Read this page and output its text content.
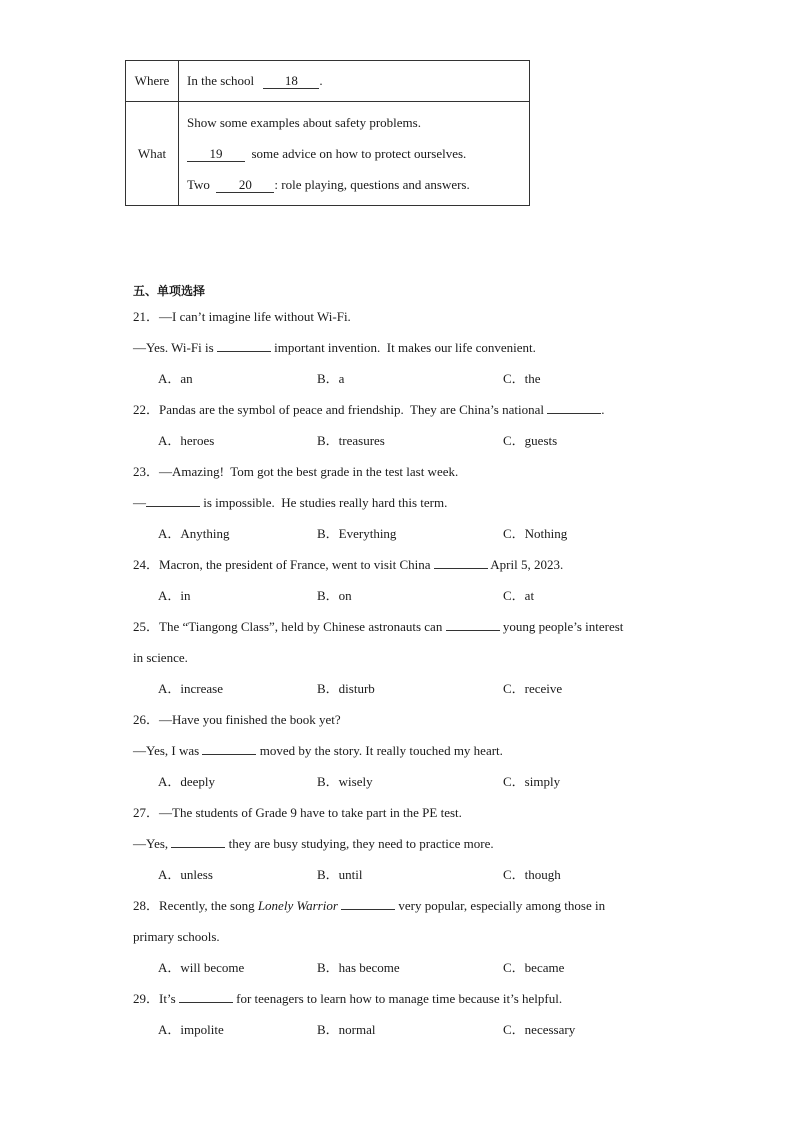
Where	In the school 18 .
What	Show some examples about safety problems.
19 some advice on how to protect ourselves.
Two 20 : role playing, questions and answers.
五、单项选择
21．—I can’t imagine life without Wi-Fi.
—Yes. Wi-Fi is	important invention.  It makes our life convenient.
A．an	B．a	C．the
22．Pandas are the symbol of peace and friendship.  They are China’s national	.
A．heroes	B．treasures	C．guests
23．—Amazing!  Tom got the best grade in the test last week.
—	is impossible.  He studies really hard this term.
A．Anything	B．Everything	C．Nothing
24．Macron, the president of France, went to visit China	April 5, 2023.
A．in	B．on	C．at
25．The “Tiangong Class”, held by Chinese astronauts can	young people’s interest
in science.
A．increase	B．disturb	C．receive
26．—Have you finished the book yet?
—Yes, I was	moved by the story. It really touched my heart.
A．deeply	B．wisely	C．simply
27．—The students of Grade 9 have to take part in the PE test.
—Yes,	they are busy studying, they need to practice more.
A．unless	B．until	C．though
28．Recently, the song Lonely Warrior	very popular, especially among those in
primary schools.
A．will become	B．has become	C．became
29．It’s	for teenagers to learn how to manage time because it’s helpful.
A．impolite	B．normal	C．necessary
